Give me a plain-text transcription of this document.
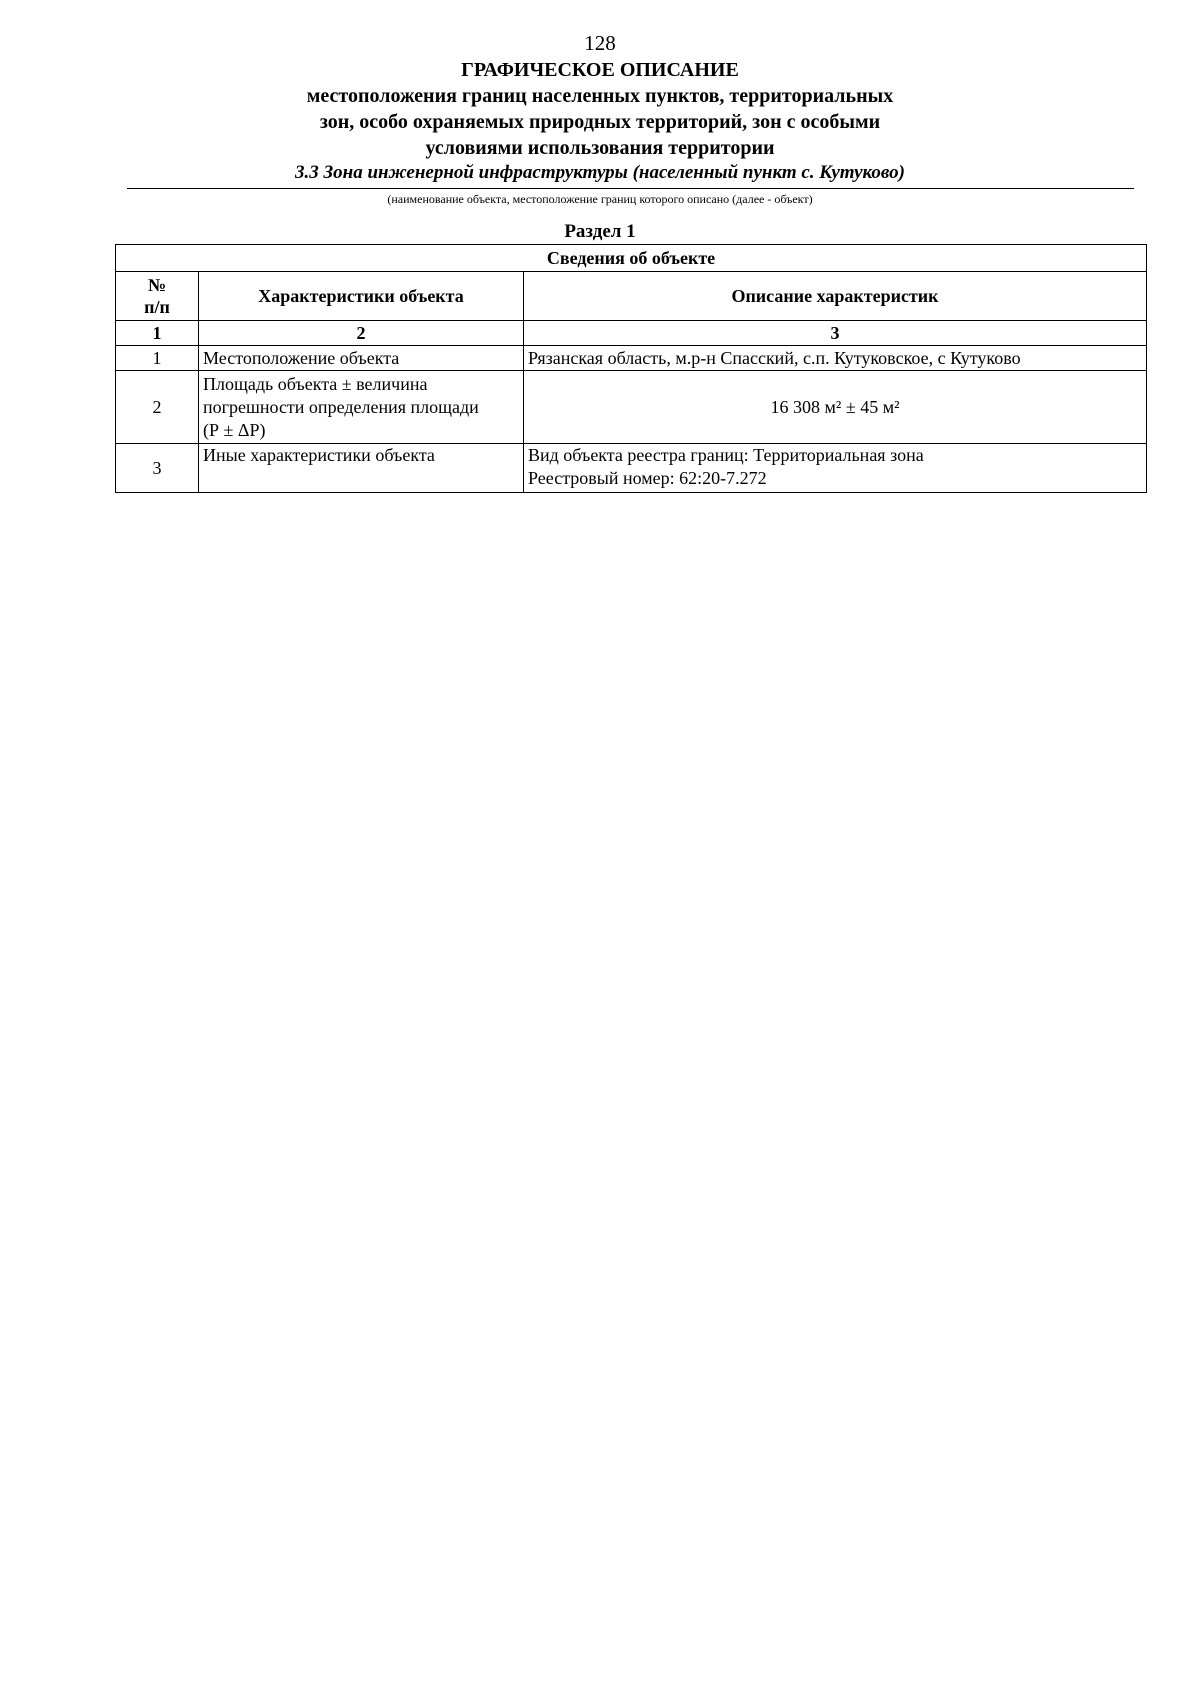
128
ГРАФИЧЕСКОЕ ОПИСАНИЕ
местоположения границ населенных пунктов, территориальных
зон, особо охраняемых природных территорий, зон с особыми
условиями использования территории
3.3 Зона инженерной инфраструктуры (населенный пункт с. Кутуково)
(наименование объекта, местоположение границ которого описано (далее - объект)
Раздел 1
Сведения об объекте		

№
п/п	Характеристики объекта	Описание характеристик
1	2	3
1	Местоположение объекта	Рязанская область, м.р-н Спасский, с.п. Кутуковское, с Кутуково
2	Площадь объекта ± величина
погрешности определения площади
(Р ± ΔР)	16 308 м² ± 45 м²
3	Иные характеристики объекта	Вид объекта реестра границ: Территориальная зона
Реестровый номер: 62:20-7.272
